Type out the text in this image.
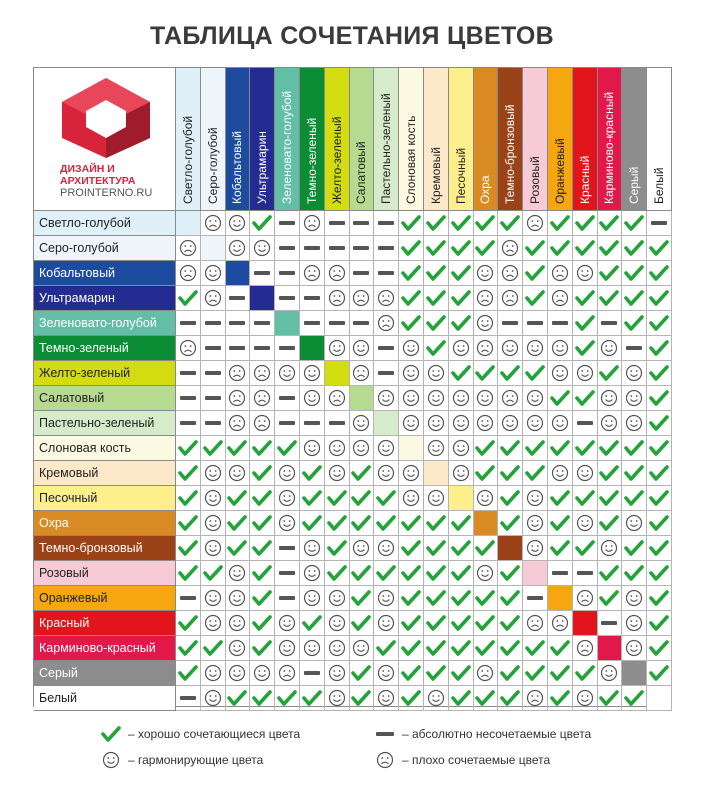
ТАБЛИЦА СОЧЕТАНИЯ ЦВЕТОВ
ДИЗАЙН И
АРХИТЕКТУРА
PROINTERNO.RU Светло-голубой
Светло-голубой
Серо-голубой
Серо-голубой
Кобальтовый
Кобальтовый
Ультрамарин
Ультрамарин
Зеленовато-голубой
Зеленовато-голубой
Темно-зеленый
Темно-зеленый
Желто-зеленый
Желто-зеленый
Салатовый
Салатовый
Пастельно-зеленый
Пастельно-зеленый
Слоновая кость
Слоновая кость
Кремовый
Кремовый
Песочный
Песочный
Охра
Охра
Темно-бронзовый
Темно-бронзовый
Розовый
Розовый
Оранжевый
Оранжевый
Красный
Красный
Карминово-красный
Карминово-красный
Серый
Серый
Белый
Белый
– хорошо сочетающиеся цвета
– гармонирующие цвета
– абсолютно несочетаемые цвета
– плохо сочетаемые цвета
